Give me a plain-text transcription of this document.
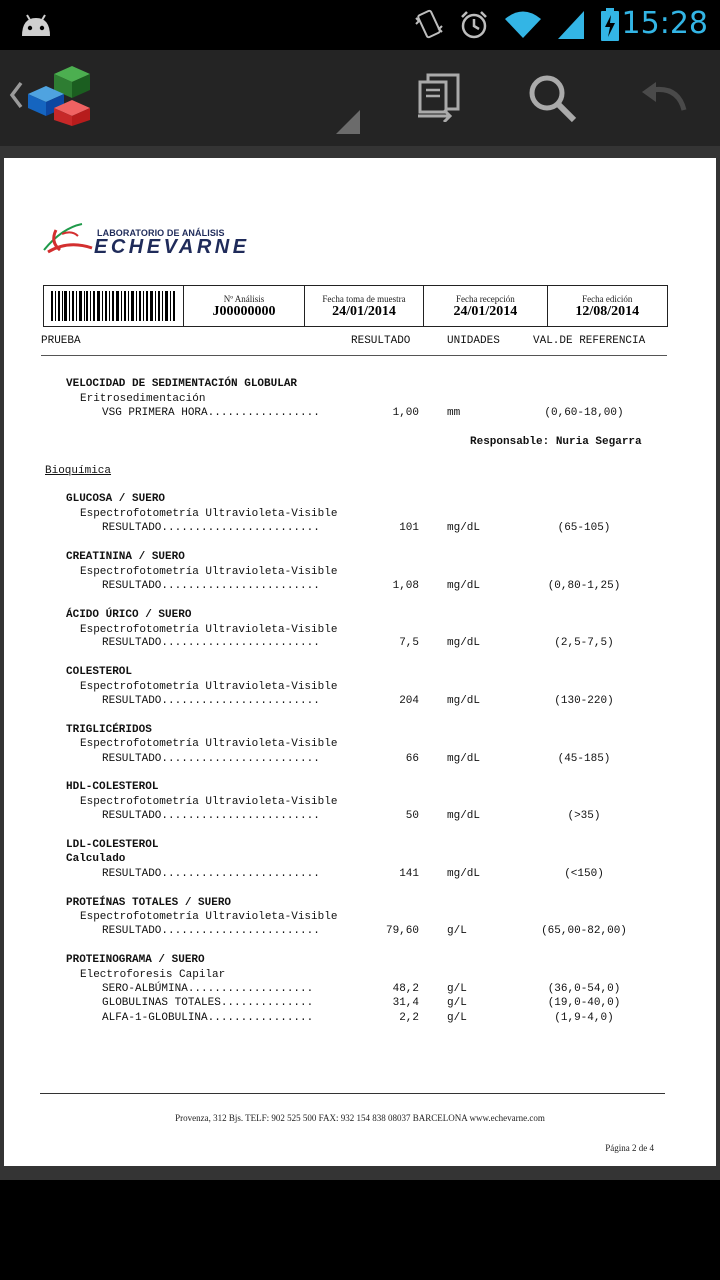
15:28
LABORATORIO DE ANÁLISIS
ECHEVARNE
Nº Análisis
J00000000
Fecha toma de muestra
24/01/2014
Fecha recepción
24/01/2014
Fecha edición
12/08/2014
PRUEBA	RESULTADO	UNIDADES	VAL.DE REFERENCIA
VELOCIDAD DE SEDIMENTACIÓN GLOBULAR
Eritrosedimentación
VSG PRIMERA HORA.................	1,00	mm	(0,60-18,00)
Responsable: Nuria Segarra
Bioquímica
GLUCOSA / SUERO
Espectrofotometría Ultravioleta-Visible
RESULTADO........................	101	mg/dL	(65-105)
CREATININA / SUERO
Espectrofotometría Ultravioleta-Visible
RESULTADO........................	1,08	mg/dL	(0,80-1,25)
ÁCIDO ÚRICO / SUERO
Espectrofotometría Ultravioleta-Visible
RESULTADO........................	7,5	mg/dL	(2,5-7,5)
COLESTEROL
Espectrofotometría Ultravioleta-Visible
RESULTADO........................	204	mg/dL	(130-220)
TRIGLICÉRIDOS
Espectrofotometría Ultravioleta-Visible
RESULTADO........................	66	mg/dL	(45-185)
HDL-COLESTEROL
Espectrofotometría Ultravioleta-Visible
RESULTADO........................	50	mg/dL	(>35)
LDL-COLESTEROL
Calculado
RESULTADO........................	141	mg/dL	(<150)
PROTEÍNAS TOTALES / SUERO
Espectrofotometría Ultravioleta-Visible
RESULTADO........................	79,60	g/L	(65,00-82,00)
PROTEINOGRAMA / SUERO
Electroforesis Capilar
SERO-ALBÚMINA...................	48,2	g/L	(36,0-54,0)
GLOBULINAS TOTALES..............	31,4	g/L	(19,0-40,0)
ALFA-1-GLOBULINA................	2,2	g/L	(1,9-4,0)
Provenza, 312 Bjs. TELF: 902 525 500 FAX: 932 154 838 08037 BARCELONA www.echevarne.com
Página 2 de 4
